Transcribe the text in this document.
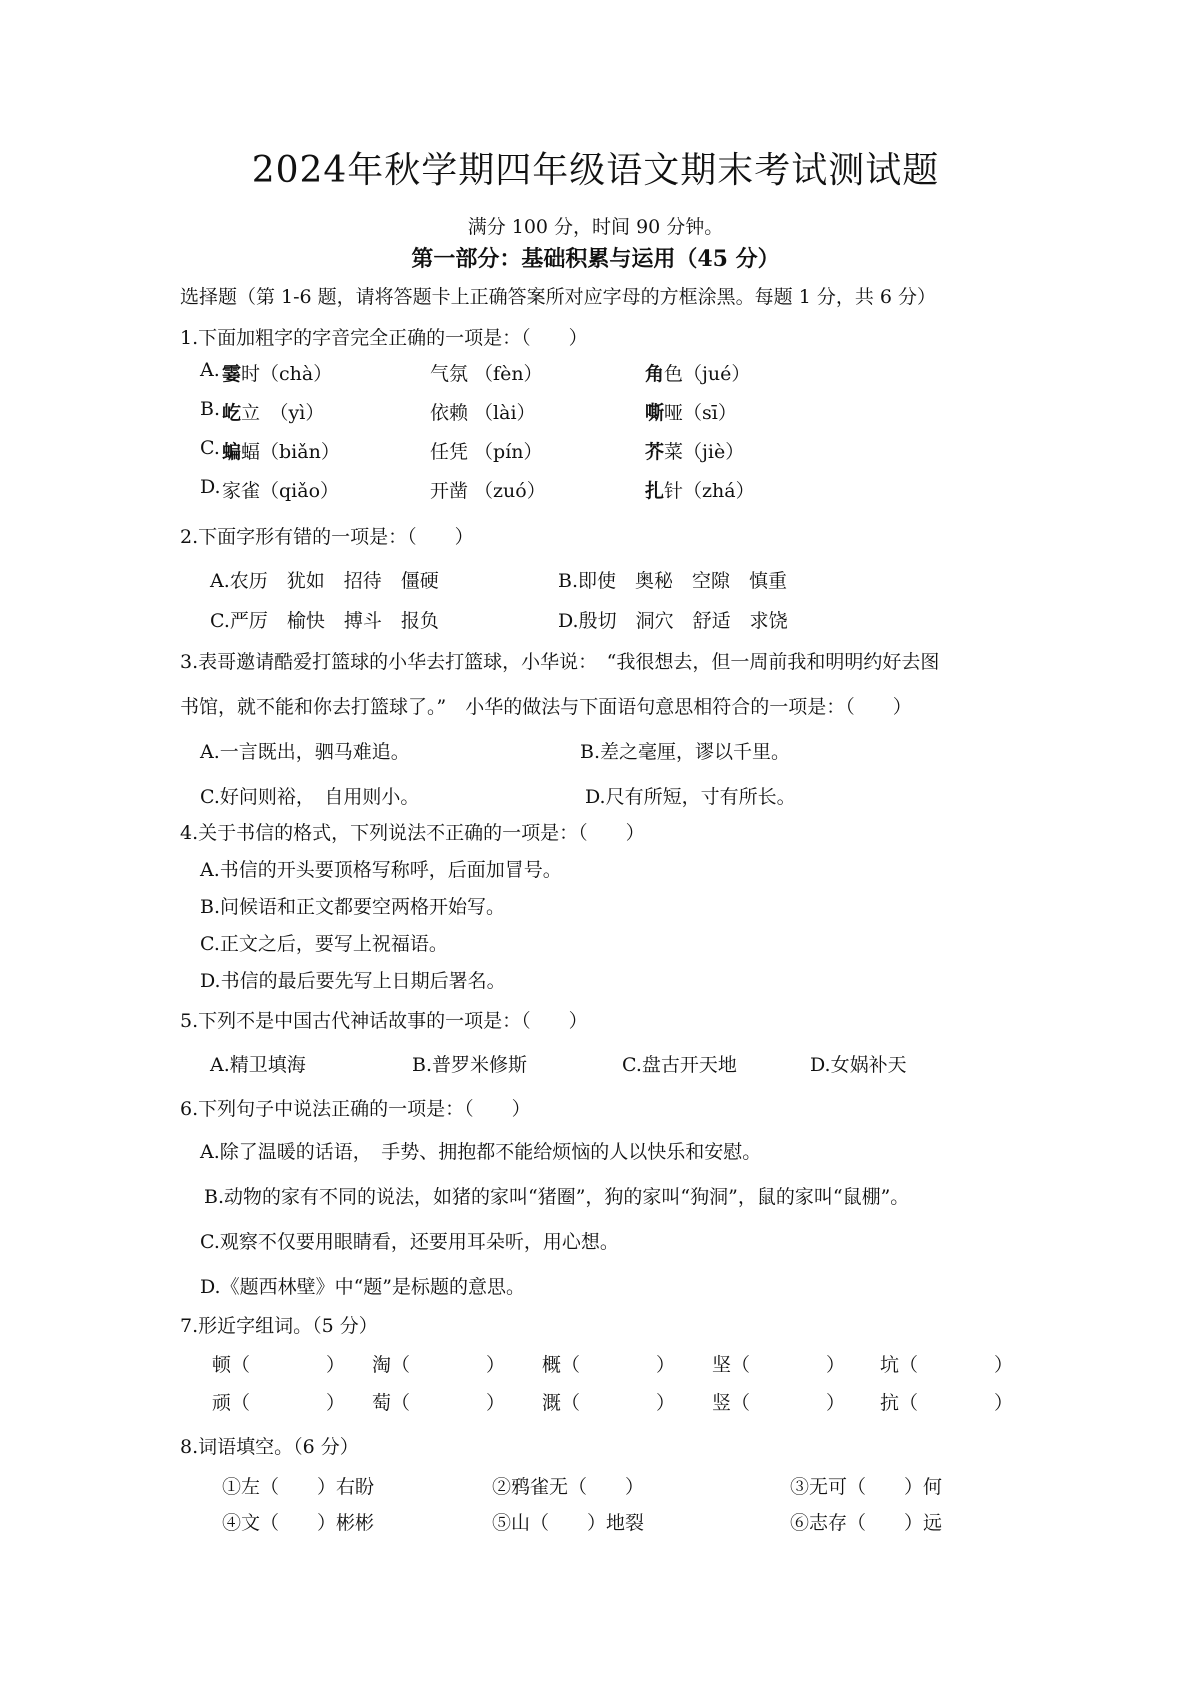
2024年秋学期四年级语文期末考试测试题
满分 100 分，时间 90 分钟。
第一部分：基础积累与运用（45 分）
选择题（第 1-6 题，请将答题卡上正确答案所对应字母的方框涂黑。每题 1 分，共 6 分）
1.下面加粗字的字音完全正确的一项是：（　　）
A. 霎时（chà）	气氛 （fèn）	角色（jué）
B. 屹立　（yì）	依赖 （lài）	嘶哑（sī）
C. 蝙蝠（biǎn）	任凭 （pín）	芥菜（jiè）
D. 家雀（qiǎo）	开凿 （zuó）	扎针（zhá）
2.下面字形有错的一项是：（　　）
A.农历　犹如　招待　僵硬	B.即使　奥秘　空隙　慎重
C.严厉　榆快　搏斗　报负	D.殷切　洞穴　舒适　求饶
3.表哥邀请酷爱打篮球的小华去打篮球，小华说：　“我很想去，但一周前我和明明约好去图
书馆，就不能和你去打篮球了。”　小华的做法与下面语句意思相符合的一项是：（　　）
A.一言既出，驷马难追。	B.差之毫厘，谬以千里。
C.好问则裕，　自用则小。	D.尺有所短，寸有所长。
4.关于书信的格式，下列说法不正确的一项是：（　　）
A.书信的开头要顶格写称呼，后面加冒号。
B.问候语和正文都要空两格开始写。
C.正文之后，要写上祝福语。
D.书信的最后要先写上日期后署名。
5.下列不是中国古代神话故事的一项是：（　　）
A.精卫填海	B.普罗米修斯	C.盘古开天地	D.女娲补天
6.下列句子中说法正确的一项是：（　　）
A.除了温暖的话语，　手势、拥抱都不能给烦恼的人以快乐和安慰。
B.动物的家有不同的说法，如猪的家叫“猪圈”，狗的家叫“狗洞”，鼠的家叫“鼠棚”。
C.观察不仅要用眼睛看，还要用耳朵听，用心想。
D.《题西林壁》中“题”是标题的意思。
7.形近字组词。（5 分）
顿（　　　　） 淘（　　　　） 概（　　　　） 坚（　　　　） 坑（　　　　）
顽（　　　　） 萄（　　　　） 溉（　　　　） 竖（　　　　） 抗（　　　　）
8.词语填空。（6 分）
①左（　　）右盼	②鸦雀无（　　）	③无可（　　）何
④文（　　）彬彬	⑤山（　　）地裂	⑥志存（　　）远
